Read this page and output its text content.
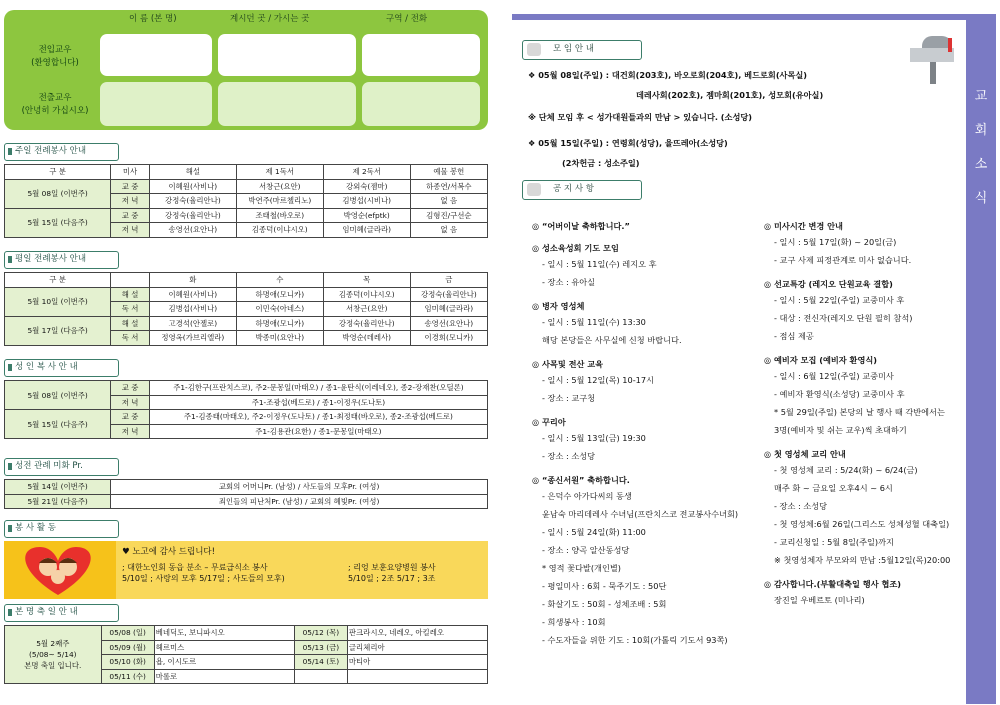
이 름 (본 명)	계시던 곳 / 가시는 곳	구역 / 전화
전입교우
(환영합니다)
전출교우
(안녕히 가십시오)
주일 전례봉사 안내
구 분	미사	해설	제 1독서	제 2독서	예물 봉헌
5월 08일 (이번주)	교 중	이혜원(사비나)	서창근(요안)	강외숙(젬마)	하종연/서복수
	저 녁	강정숙(율리안나)	박연주(마르첼리노)	김병섭(시비나)	없 음
5월 15일 (다음주)	교 중	강정숙(율리안나)	조태철(바오로)	박영순(efptk)	김형진/구선순
	저 녁	송영선(요안나)	김종덕(이냐시오)	임미혜(글라라)	없 음
평일 전례봉사 안내
구 분		화	수	목	금
5월 10일 (이번주)	해 설	이혜원(사비나)	하명애(모니카)	김종덕(이냐시오)	강정숙(율리안나)
	독 서	김병섭(사비나)	이민숙(아네스)	서창근(요안)	임미혜(글라라)
5월 17일 (다음주)	해 설	고경석(안젤로)	하명애(모니카)	강정숙(율리안나)	송영선(요안나)
	독 서	정영옥(가브리엘라)	박종미(요안나)	박영순(데레사)	이경희(모니카)
성 인 복 사 안 내
5월 08일 (이번주)	교 중	주1-김한구(프란치스코), 주2-문몽일(마태오) / 종1-윤탄식(이레네오), 종2-장재찬(오딜론)
	저 녁	주1-조광섭(베드로) / 종1-이정우(도나토)
5월 15일 (다음주)	교 중	주1-김종태(마태오), 주2-이정우(도나토) / 종1-최정태(바오로), 종2-조광섭(베드로)
	저 녁	주1-김용관(요한) / 종1-문몽일(마태오)
성전 관례 미화 Pr.
5월 14일 (이번주)	교회의 어머니Pr. (남성) / 사도들의 모후Pr. (여성)
5월 21일 (다음주)	죄인들의 피난처Pr. (남성) / 교회의 혜빛Pr. (여성)
봉 사 활 동
♥ 노고에 감사 드립니다!
; 대한노인회 동읍 분소 – 무료급식소 봉사	; 리엉 보훈요양병원 봉사
5/10일 ; 사랑의 모후 5/17일 ; 사도들의 모후)	5/10일 ; 2조 5/17 ; 3조
본 명 축 일 안 내
5월 2째주
(5/08~ 5/14)
본명 축일 입니다.	05/08 (일)	베네딕도, 보니파시오	05/12 (목)	판크라시오, 네레오, 아킬레오
	05/09 (월)	헤르미스	05/13 (금)	글리체리아
	05/10 (화)	욥, 이시도르	05/14 (토)	마티아
	05/11 (수)	마롤로		
교
회
소
식
모 임 안 내
❖ 05월 08일(주일) : 대건회(203호), 바오로회(204호), 베드로회(사목실)
데레사회(202호), 젬마회(201호), 성모회(유아실)
※ 단체 모임 후 < 성가대원들과의 만남 > 있습니다. (소성당)
❖ 05월 15일(주일) : 연령회(성당), 율뜨레아(소성당)
(2차헌금 : 성소주일)
공 지 사 항
◎ “어버이날 축하합니다.”
◎ 성소육성회 기도 모임
- 일시 : 5월 11일(수) 레지오 후
- 장소 : 유아실
◎ 병자 영성체
- 일시 : 5월 11일(수) 13:30
해당 본당들은 사무실에 신청 바랍니다.
◎ 사목및 전산 교육
- 일시 : 5월 12일(목) 10-17시
- 장소 : 교구청
◎ 꾸리아
- 일시 : 5월 13일(금) 19:30
- 장소 : 소성당
◎ “종신서원” 축하합니다.
- 은덕수 아가다씨의 동생
윤남숙 마리데레사 수녀님(프란치스코 전교봉사수녀회)
- 일시 : 5월 24일(화) 11:00
- 장소 : 양곡 알산동성당
* 영적 꽃다발(개인별)
- 평일미사 : 6회 - 묵주기도 : 50단
- 화살기도 : 50회 - 성체조배 : 5회
- 희생봉사 : 10회
- 수도자들을 위한 기도 : 10회(가톨릭 기도서 93쪽)
◎ 미사시간 변경 안내
- 일시 : 5월 17일(화) ~ 20일(금)
- 교구 사제 피정관계로 미사 없습니다.
◎ 선교특강 (레지오 단원교육 결합)
- 일시 : 5월 22일(주일) 교중미사 후
- 대상 : 전신자(레지오 단원 필히 참석)
- 점심 제공
◎ 예비자 모집 (예비자 환영식)
- 일시 : 6월 12일(주일) 교중미사
- 예비자 환영식(소성당) 교중미사 후
* 5월 29일(주일) 본당의 날 행사 때 각반에서는
3명(예비자 및 쉬는 교우)씩 초대하기
◎ 첫 영성체 교리 안내
- 첫 영성체 교리 : 5/24(화) ~ 6/24(금)
매주 화 ~ 금요일 오후4시 ~ 6시
- 장소 : 소성당
- 첫 영성체:6월 26일(그리스도 성체성혈 대축일)
- 교리신청일 : 5월 8일(주일)까지
※ 첫영성체자 부모와의 만남 :5월12일(목)20:00
◎ 감사합니다.(부활대축일 행사 협조)
장진일 우베르토 (미나리)
